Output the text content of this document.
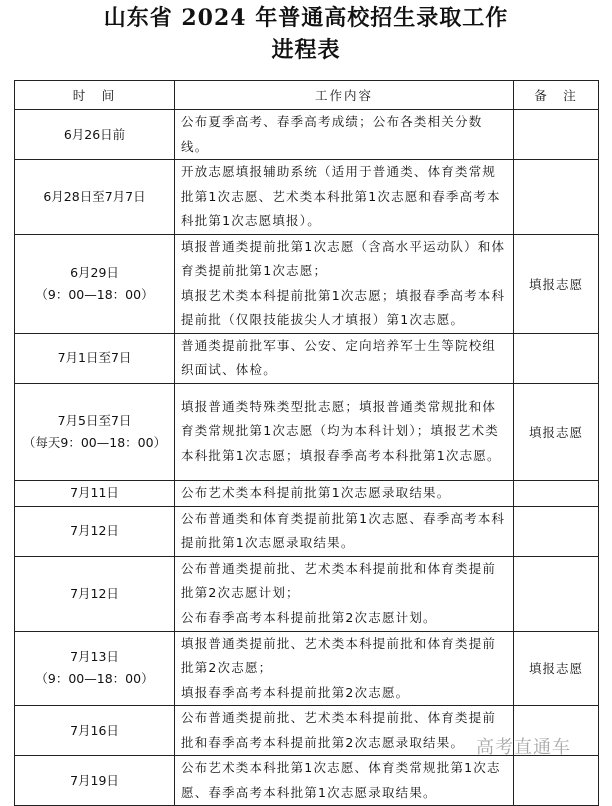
山东省 2024 年普通高校招生录取工作
进程表
时　间	工作内容	备　注

6月26日前	公布夏季高考、春季高考成绩；公布各类相关分数线。	

6月28日至7月7日	开放志愿填报辅助系统（适用于普通类、体育类常规批第1次志愿、艺术类本科批第1次志愿和春季高考本科批第1次志愿填报）。	

6月29日
（9：00—18：00）	填报普通类提前批第1次志愿（含高水平运动队）和体育类提前批第1次志愿；
填报艺术类本科提前批第1次志愿；填报春季高考本科提前批（仅限技能拔尖人才填报）第1次志愿。	填报志愿

7月1日至7日	普通类提前批军事、公安、定向培养军士生等院校组织面试、体检。	

7月5日至7日
（每天9：00—18：00）	填报普通类特殊类型批志愿；填报普通类常规批和体育类常规批第1次志愿（均为本科计划）；填报艺术类本科批第1次志愿；填报春季高考本科批第1次志愿。	填报志愿

7月11日	公布艺术类本科提前批第1次志愿录取结果。	

7月12日	公布普通类和体育类提前批第1次志愿、春季高考本科提前批第1次志愿录取结果。	

7月12日	公布普通类提前批、艺术类本科提前批和体育类提前批第2次志愿计划；
公布春季高考本科提前批第2次志愿计划。	

7月13日
（9：00—18：00）	填报普通类提前批、艺术类本科提前批和体育类提前批第2次志愿；
填报春季高考本科提前批第2次志愿。	填报志愿

7月16日	公布普通类提前批、艺术类本科提前批、体育类提前批和春季高考本科提前批第2次志愿录取结果。	

7月19日	公布艺术类本科批第1次志愿、体育类常规批第1次志愿、春季高考本科批第1次志愿录取结果。	

高考直通车
